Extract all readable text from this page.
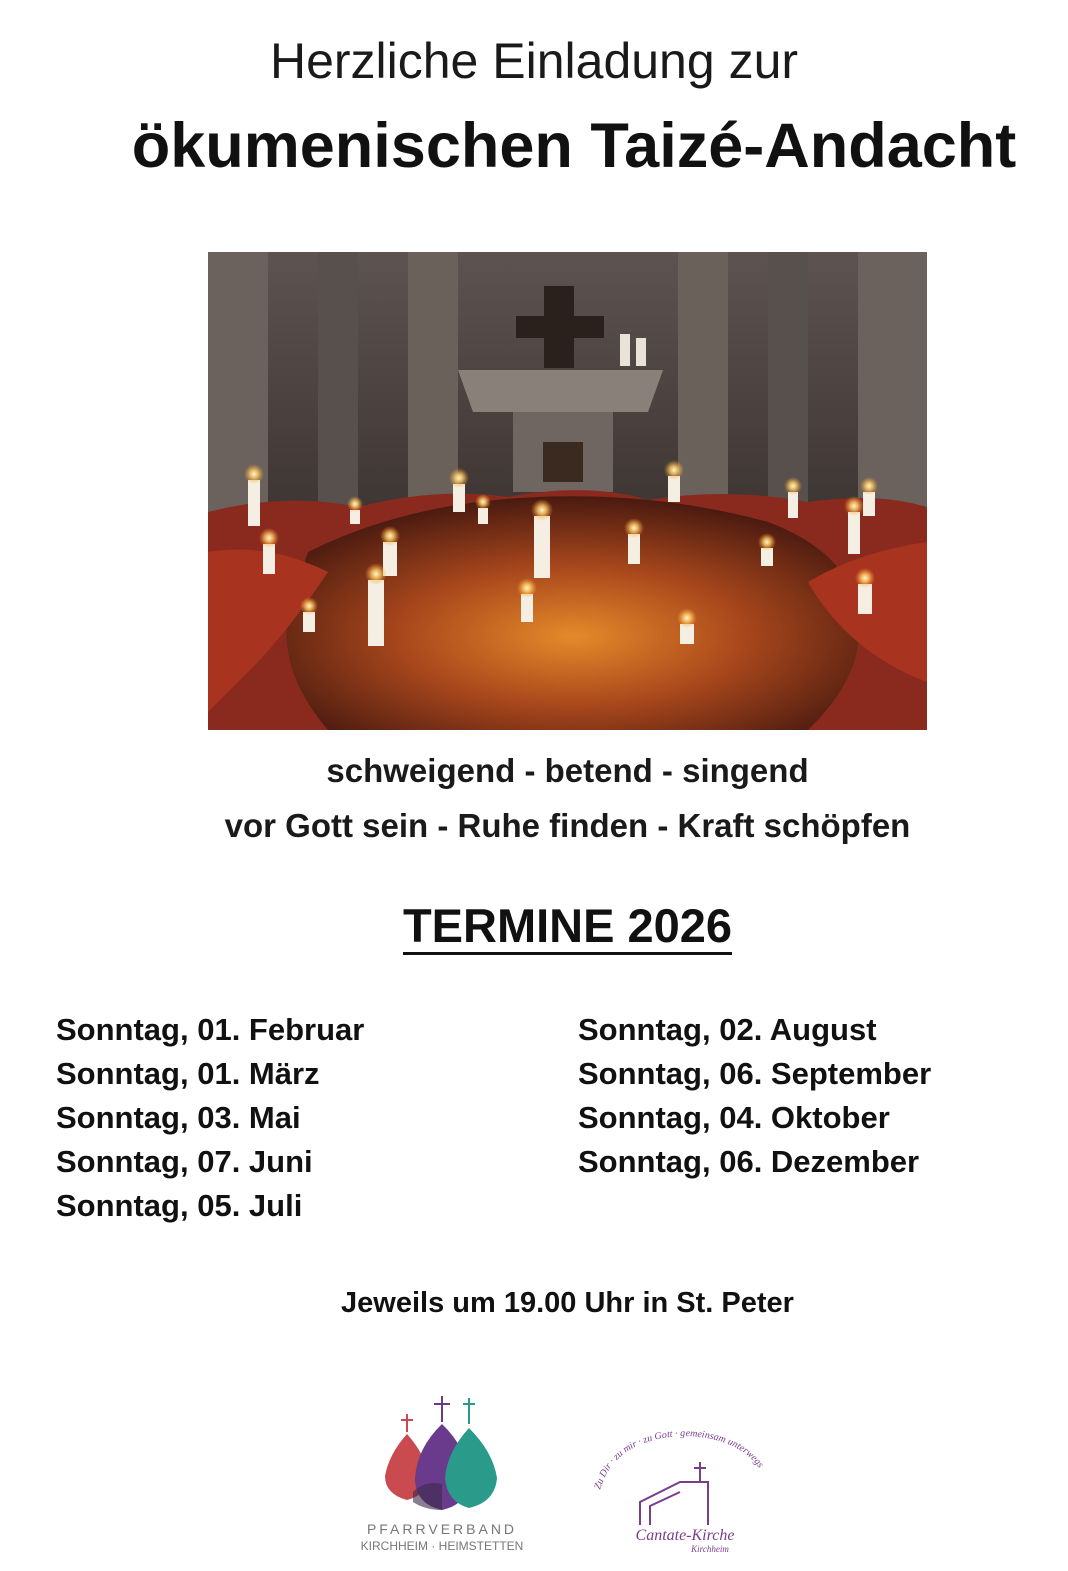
Herzliche Einladung zur
ökumenischen Taizé-Andacht
schweigend - betend - singend
vor Gott sein - Ruhe finden - Kraft schöpfen
TERMINE 2026
Sonntag, 01. Februar
Sonntag, 01. März
Sonntag, 03. Mai
Sonntag, 07. Juni
Sonntag, 05. Juli
Sonntag, 02. August
Sonntag, 06. September
Sonntag, 04. Oktober
Sonntag, 06. Dezember
Jeweils um 19.00 Uhr in St. Peter
KIRCHHEIM · HEIMSTETTEN
PFARRVERBAND
Zu Dir · zu mir · zu Gott · gemeinsam unterwegs
Cantate-Kirche
Kirchheim
